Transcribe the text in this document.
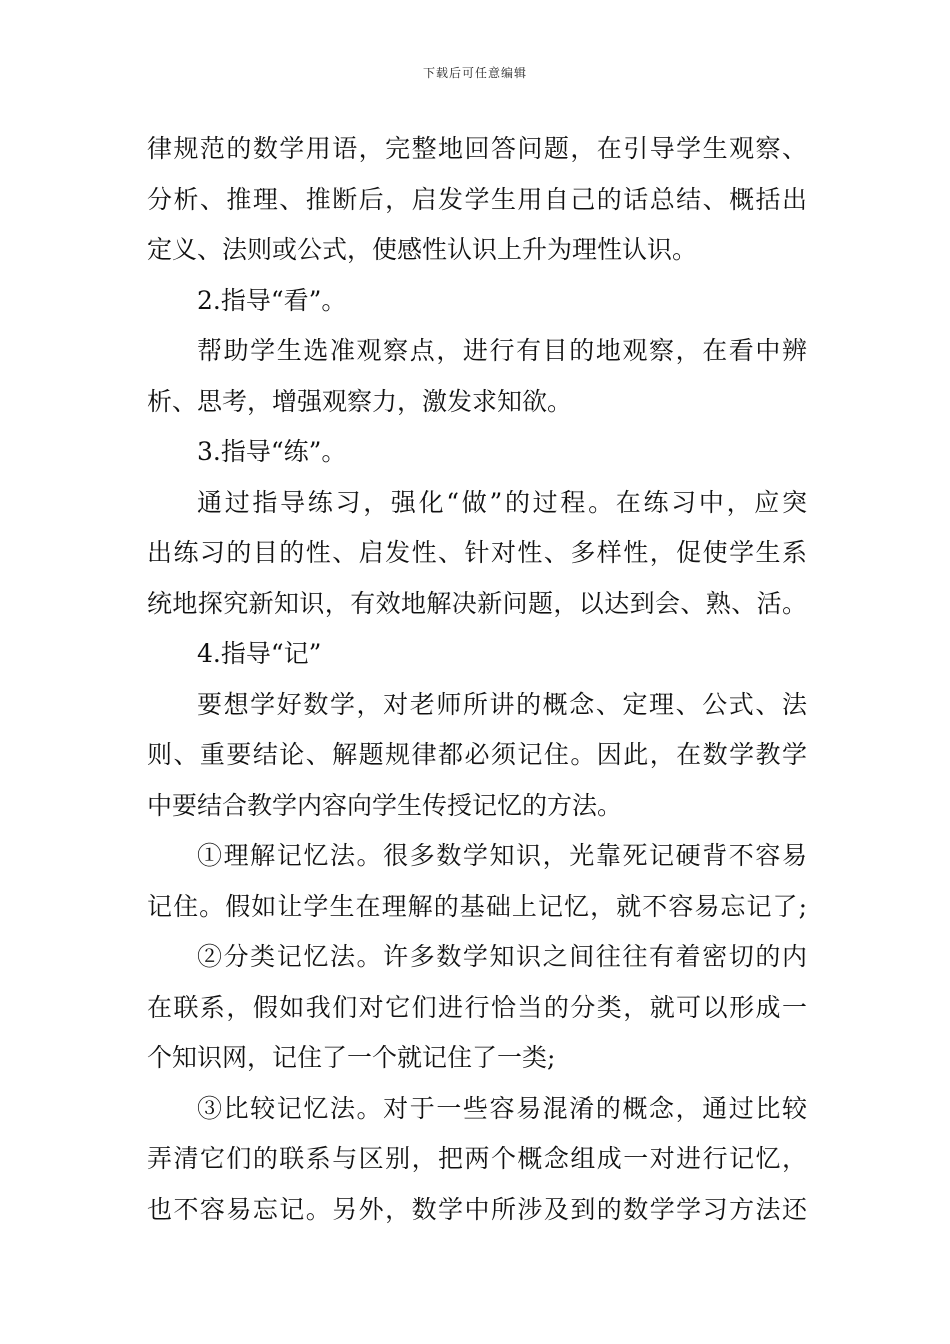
下载后可任意编辑
律规范的数学用语，完整地回答问题，在引导学生观察、
分析、推理、推断后，启发学生用自己的话总结、概括出
定义、法则或公式，使感性认识上升为理性认识。
2.指导“看”。
帮助学生选准观察点，进行有目的地观察，在看中辨
析、思考，增强观察力，激发求知欲。
3.指导“练”。
通过指导练习，强化“做”的过程。在练习中，应突
出练习的目的性、启发性、针对性、多样性，促使学生系
统地探究新知识，有效地解决新问题，以达到会、熟、活。
4.指导“记”
要想学好数学，对老师所讲的概念、定理、公式、法
则、重要结论、解题规律都必须记住。因此，在数学教学
中要结合教学内容向学生传授记忆的方法。
①理解记忆法。很多数学知识，光靠死记硬背不容易
记住。假如让学生在理解的基础上记忆，就不容易忘记了;
②分类记忆法。许多数学知识之间往往有着密切的内
在联系，假如我们对它们进行恰当的分类，就可以形成一
个知识网，记住了一个就记住了一类;
③比较记忆法。对于一些容易混淆的概念，通过比较
弄清它们的联系与区别，把两个概念组成一对进行记忆，
也不容易忘记。另外，数学中所涉及到的数学学习方法还
